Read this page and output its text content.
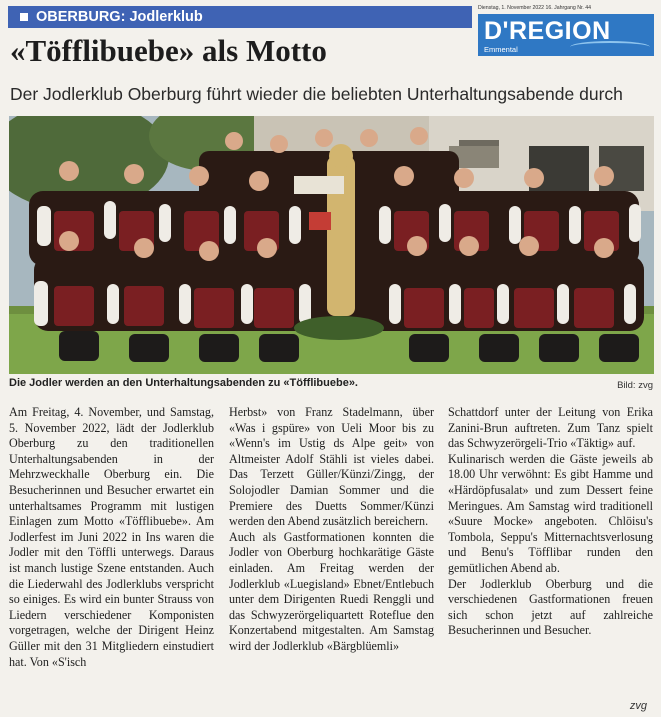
OBERBURG: Jodlerklub
Dienstag, 1. November 2022 16. Jahrgang Nr. 44
D'REGION
Emmental
«Töfflibuebe» als Motto
Der Jodlerklub Oberburg führt wieder die beliebten Unterhaltungsabende durch
Die Jodler werden an den Unterhaltungsabenden zu «Töfflibuebe».	Bild: zvg

Am Freitag, 4. November, und Samstag, 5. November 2022, lädt der Jodlerklub Oberburg zu den traditionellen Unterhaltungsabenden in der Mehrzweckhalle Oberburg ein. Die Besucherinnen und Besucher erwartet ein unterhaltsames Programm mit lustigen Einlagen zum Motto «Töfflibuebe». Am Jodlerfest im Juni 2022 in Ins waren die Jodler mit den Töffli unterwegs. Daraus ist manch lustige Szene entstanden. Auch die Liederwahl des Jodlerklubs verspricht so einiges. Es wird ein bunter Strauss von Liedern verschiedener Komponisten vorgetragen, welche der Dirigent Heinz Güller mit den 31 Mitgliedern einstudiert hat. Von «S'isch

Herbst» von Franz Stadelmann, über «Was i gspüre» von Ueli Moor bis zu «Wenn's im Ustig ds Alpe geit» von Altmeister Adolf Stähli ist vieles dabei. Das Terzett Güller/Künzi/Zingg, der Solojodler Damian Sommer und die Premiere des Duetts Sommer/Künzi werden den Abend zusätzlich bereichern.

Auch als Gastformationen konnten die Jodler von Oberburg hochkarätige Gäste einladen. Am Freitag werden der Jodlerklub «Luegisland» Ebnet/Entlebuch unter dem Dirigenten Ruedi Renggli und das Schwyzerörgeliquartett Roteflue den Konzertabend mitgestalten. Am Samstag wird der Jodlerklub «Bärgblüemli»

Schattdorf unter der Leitung von Erika Zanini-Brun auftreten. Zum Tanz spielt das Schwyzerörgeli-Trio «Täktig» auf.

Kulinarisch werden die Gäste jeweils ab 18.00 Uhr verwöhnt: Es gibt Hamme und «Härdöpfusalat» und zum Dessert feine Meringues. Am Samstag wird traditionell «Suure Mocke» angeboten. Chlöisu's Tombola, Seppu's Mitternachtsverlosung und Benu's Töfflibar runden den gemütlichen Abend ab.

Der Jodlerklub Oberburg und die verschiedenen Gastformationen freuen sich schon jetzt auf zahlreiche Besucherinnen und Besucher.

zvg
